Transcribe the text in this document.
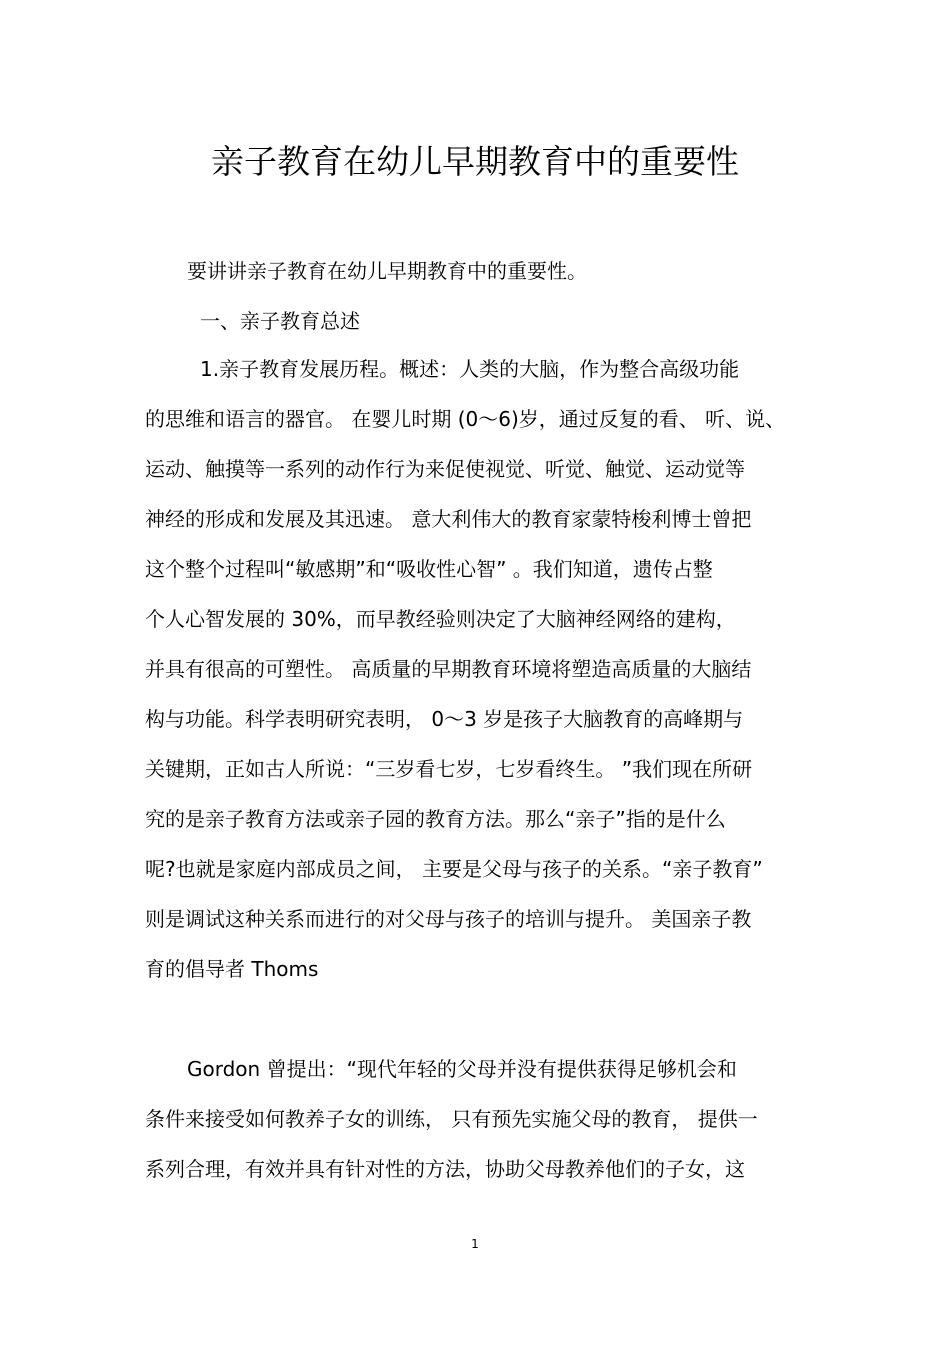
亲子教育在幼儿早期教育中的重要性
要讲讲亲子教育在幼儿早期教育中的重要性。
一、亲子教育总述
1.亲子教育发展历程。概述：人类的大脑，作为整合高级功能
的思维和语言的器官。 在婴儿时期 (0～6)岁，通过反复的看、 听、说、
运动、触摸等一系列的动作行为来促使视觉、听觉、触觉、运动觉等
神经的形成和发展及其迅速。 意大利伟大的教育家蒙特梭利博士曾把
这个整个过程叫“敏感期”和“吸收性心智” 。我们知道，遗传占整
个人心智发展的 30%，而早教经验则决定了大脑神经网络的建构，
并具有很高的可塑性。 高质量的早期教育环境将塑造高质量的大脑结
构与功能。科学表明研究表明， 0～3 岁是孩子大脑教育的高峰期与
关键期，正如古人所说：“三岁看七岁，七岁看终生。 ”我们现在所研
究的是亲子教育方法或亲子园的教育方法。那么“亲子”指的是什么
呢?也就是家庭内部成员之间， 主要是父母与孩子的关系。“亲子教育”
则是调试这种关系而进行的对父母与孩子的培训与提升。 美国亲子教
育的倡导者 Thoms
Gordon 曾提出：“现代年轻的父母并没有提供获得足够机会和
条件来接受如何教养子女的训练， 只有预先实施父母的教育， 提供一
系列合理，有效并具有针对性的方法，协助父母教养他们的子女，这
1
